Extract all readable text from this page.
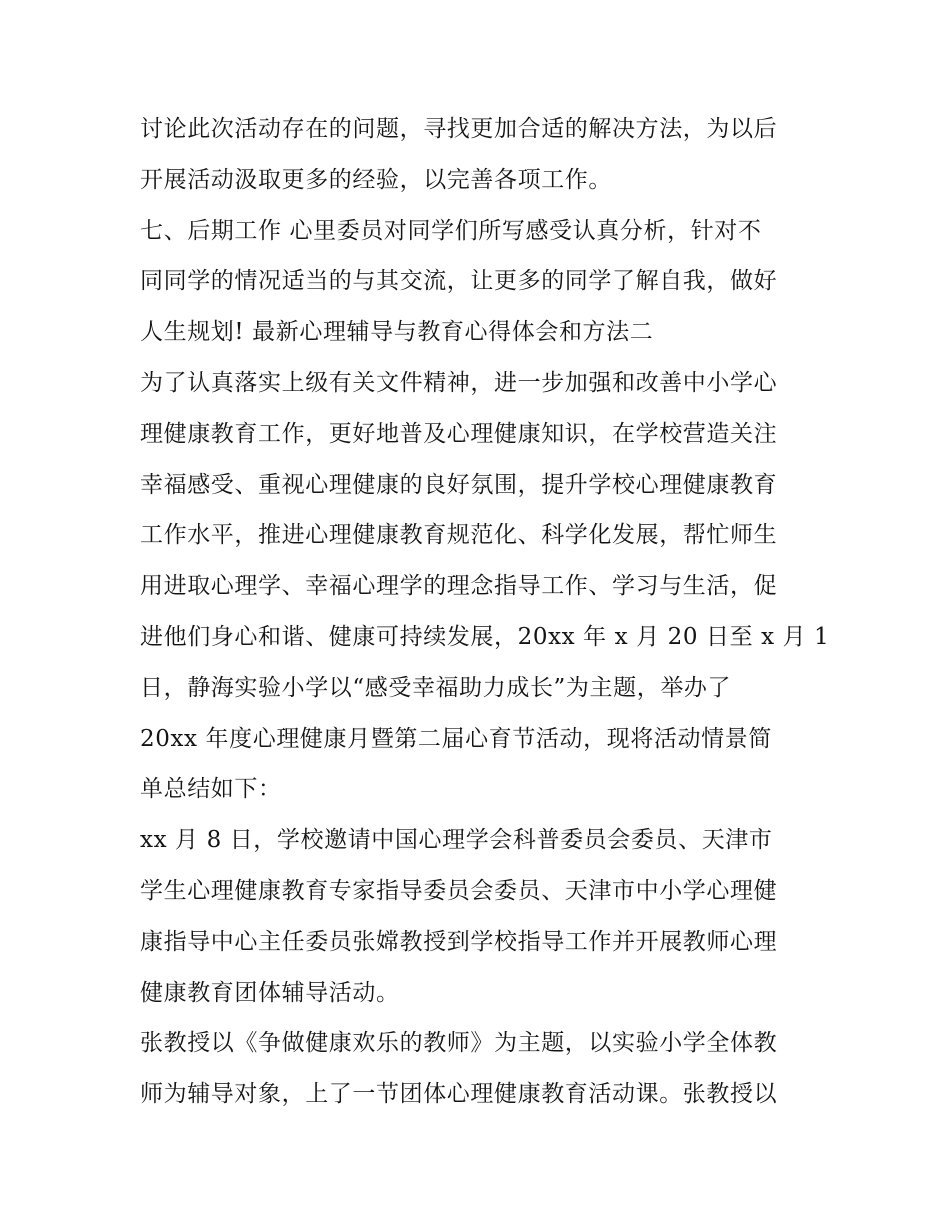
讨论此次活动存在的问题，寻找更加合适的解决方法，为以后
开展活动汲取更多的经验，以完善各项工作。
七、后期工作 心里委员对同学们所写感受认真分析，针对不
同同学的情况适当的与其交流，让更多的同学了解自我，做好
人生规划! 最新心理辅导与教育心得体会和方法二
为了认真落实上级有关文件精神，进一步加强和改善中小学心
理健康教育工作，更好地普及心理健康知识，在学校营造关注
幸福感受、重视心理健康的良好氛围，提升学校心理健康教育
工作水平，推进心理健康教育规范化、科学化发展，帮忙师生
用进取心理学、幸福心理学的理念指导工作、学习与生活，促
进他们身心和谐、健康可持续发展，20xx 年 x 月 20 日至 x 月 1
日，静海实验小学以“感受幸福助力成长”为主题，举办了
20xx 年度心理健康月暨第二届心育节活动，现将活动情景简
单总结如下：
xx 月 8 日，学校邀请中国心理学会科普委员会委员、天津市
学生心理健康教育专家指导委员会委员、天津市中小学心理健
康指导中心主任委员张嫦教授到学校指导工作并开展教师心理
健康教育团体辅导活动。
张教授以《争做健康欢乐的教师》为主题，以实验小学全体教
师为辅导对象，上了一节团体心理健康教育活动课。张教授以
